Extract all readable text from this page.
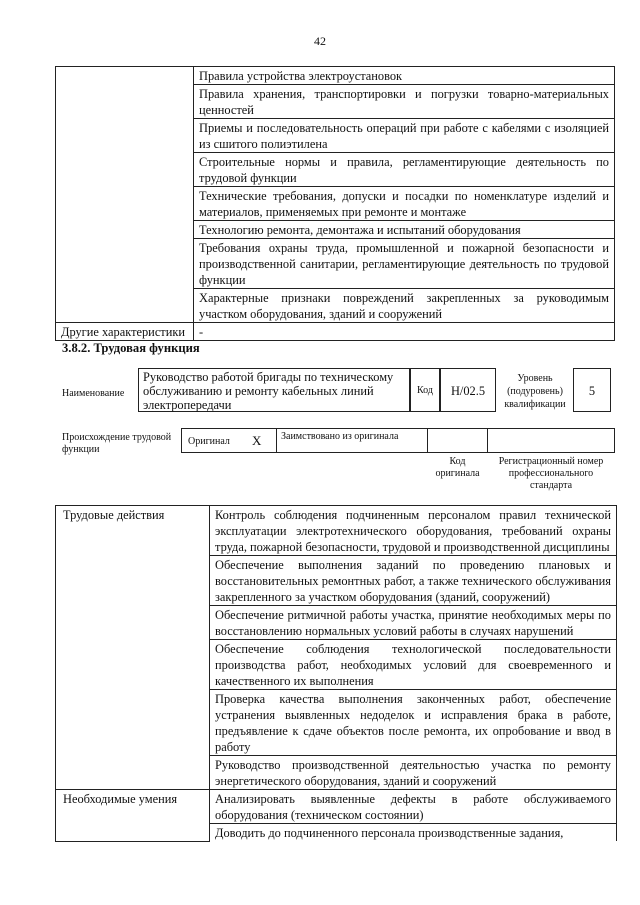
42
	Правила устройства электроустановок
	Правила хранения, транспортировки и погрузки товарно-материальных ценностей
	Приемы и последовательность операций при работе с кабелями с изоляцией из сшитого полиэтилена
	Строительные нормы и правила, регламентирующие деятельность по трудовой функции
	Технические требования, допуски и посадки по номенклатуре изделий и материалов, применяемых при ремонте и монтаже
	Технологию ремонта, демонтажа и испытаний оборудования
	Требования охраны труда, промышленной и пожарной безопасности и производственной санитарии, регламентирующие деятельность по трудовой функции
	Характерные признаки повреждений закрепленных за руководимым участком оборудования, зданий и сооружений
Другие характеристики	-
3.8.2. Трудовая функция
Наименование
Руководство работой бригады по техническому обслуживанию и ремонту кабельных линий электропередачи
Код	Н/02.5
Уровень (подуровень) квалификации
5
Происхождение трудовой функции
Оригинал X	Заимствовано из оригинала
Код оригинала
Регистрационный номер профессионального стандарта
Трудовые действия	Контроль соблюдения подчиненным персоналом правил технической эксплуатации электротехнического оборудования, требований охраны труда, пожарной безопасности, трудовой и производственной дисциплины
	Обеспечение выполнения заданий по проведению плановых и восстановительных ремонтных работ, а также технического обслуживания закрепленного за участком оборудования (зданий, сооружений)
	Обеспечение ритмичной работы участка, принятие необходимых меры по восстановлению нормальных условий работы в случаях нарушений
	Обеспечение соблюдения технологической последовательности производства работ, необходимых условий для своевременного и качественного их выполнения
	Проверка качества выполнения законченных работ, обеспечение устранения выявленных недоделок и исправления брака в работе, предъявление к сдаче объектов после ремонта, их опробование и ввод в работу
	Руководство производственной деятельностью участка по ремонту энергетического оборудования, зданий и сооружений
Необходимые умения	Анализировать выявленные дефекты в работе обслуживаемого оборудования (техническом состоянии)
	Доводить до подчиненного персонала производственные задания,
